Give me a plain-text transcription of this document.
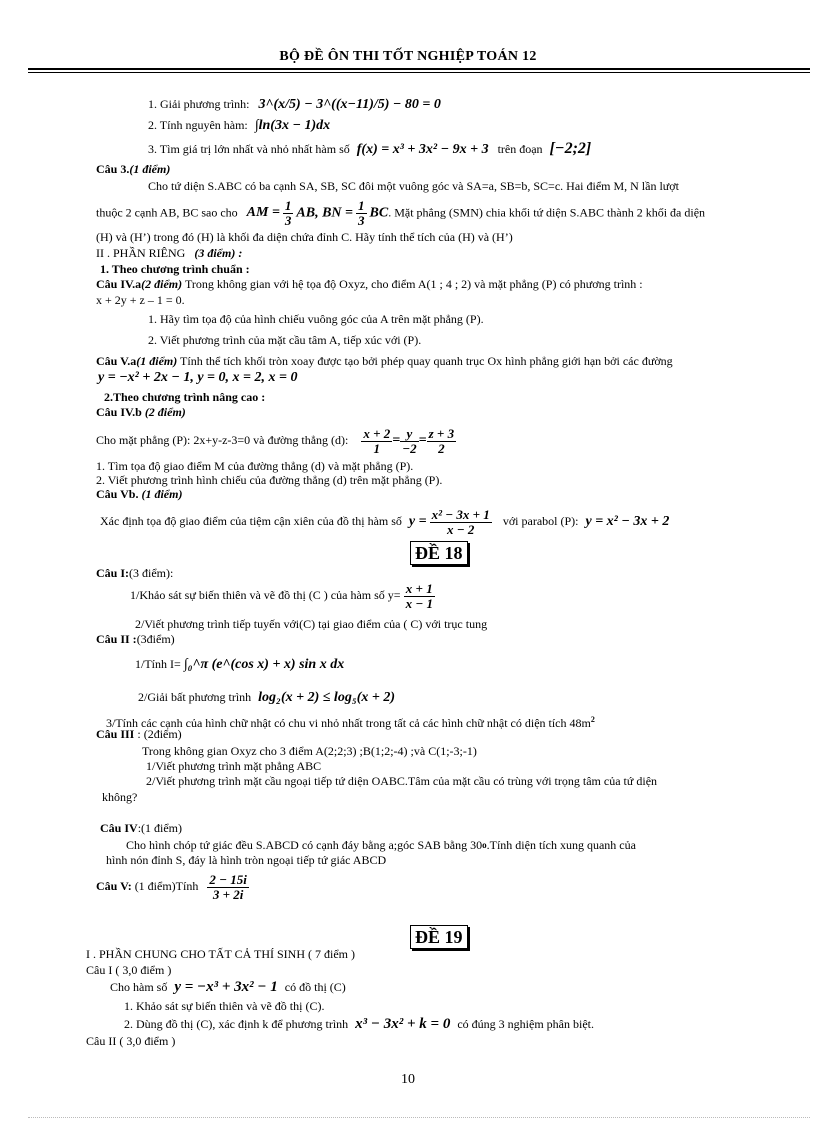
BỘ ĐỀ ÔN THI TỐT NGHIỆP TOÁN 12
1. Giải phương trình: 3^(x/5) − 3^((x−11)/5) − 80 = 0
2. Tính nguyên hàm: ∫ln(3x − 1)dx
3. Tìm giá trị lớn nhất và nhỏ nhất hàm số f(x) = x³ + 3x² − 9x + 3 trên đoạn [−2;2]
Câu 3.(1 điểm)
Cho tứ diện S.ABC có ba cạnh SA, SB, SC đôi một vuông góc và SA=a, SB=b, SC=c. Hai điểm M, N lần lượt
thuộc 2 cạnh AB, BC sao cho AM = $\frac{1}{3}$ AB, BN = $\frac{1}{3}$ BC. Mặt phẳng (SMN) chia khối tứ diện S.ABC thành 2 khối đa diện
(H) và (H’) trong đó (H) là khối đa diện chứa đỉnh C. Hãy tính thể tích của (H) và (H’)
II . PHẦN RIÊNG (3 điểm) :
1. Theo chương trình chuẩn :
Câu IV.a(2 điểm) Trong không gian với hệ tọa độ Oxyz, cho điểm A(1 ; 4 ; 2) và mặt phẳng (P) có phương trình :
x + 2y + z – 1 = 0.
1. Hãy tìm tọa độ của hình chiếu vuông góc của A trên mặt phẳng (P).
2. Viết phương trình của mặt cầu tâm A, tiếp xúc với (P).
Câu V.a(1 điểm) Tính thể tích khối tròn xoay được tạo bởi phép quay quanh trục Ox hình phẳng giới hạn bởi các đường
y = −x² + 2x − 1, y = 0, x = 2, x = 0
2.Theo chương trình nâng cao :
Câu IV.b (2 điểm)
Cho mặt phẳng (P): 2x+y-z-3=0 và đường thẳng (d): $\frac{x + 2}{1} = \frac{y}{-2} = \frac{z + 3}{2}$
1. Tìm tọa độ giao điểm M của đường thẳng (d) và mặt phẳng (P).
2. Viết phương trình hình chiếu của đường thẳng (d) trên mặt phẳng (P).
Câu Vb. (1 điểm)
Xác định tọa độ giao điểm của tiệm cận xiên của đồ thị hàm số $y = \frac{\text{x² − 3x + 1}}{x - 2}$ với parabol (P): y = x² − 3x + 2
ĐỀ 18
Câu I:(3 điểm):
1/Khảo sát sự biến thiên và vẽ đồ thị (C ) của hàm số $y= \frac{x + 1}{x - 1}$
2/Viết phương trình tiếp tuyến với(C) tại giao điểm của ( C) với trục tung
Câu II :(3điểm)
1/Tính I= ∫₀^π (e^(cos x) + x) sin x dx
2/Giải bất phương trình log₂(x + 2) ≤ log₅(x + 2)
3/Tính các cạnh của hình chữ nhật có chu vi nhỏ nhất trong tất cả các hình chữ nhật có diện tích $48m^2$
Câu III : (2điểm)
Trong không gian Oxyz cho 3 điểm A(2;2;3) ;B(1;2;-4) ;và C(1;-3;-1)
1/Viết phương trình mặt phẳng ABC
2/Viết phương trình mặt cầu ngoại tiếp tứ diện OABC.Tâm của mặt cầu có trùng với trọng tâm của tứ diện
không?
Câu IV:(1 điểm)
Cho hình chóp tứ giác đều S.ABCD có cạnh đáy bằng a;góc SAB bằng 30$^o$.Tính diện tích xung quanh của
hình nón đỉnh S, đáy là hình tròn ngoại tiếp tứ giác ABCD
Câu V: (1 điểm)Tính $\frac{2 - 15i}{3 + 2i}$
ĐỀ 19
I . PHẦN CHUNG CHO TẤT CẢ THÍ SINH ( 7 điểm )
Câu I ( 3,0 điểm )
Cho hàm số y = −x³ + 3x² − 1 có đồ thị (C)
1. Khảo sát sự biến thiên và vẽ đồ thị (C).
2. Dùng đồ thị (C), xác định k để phương trình x³ − 3x² + k = 0 có đúng 3 nghiệm phân biệt.
Câu II ( 3,0 điểm )
10
